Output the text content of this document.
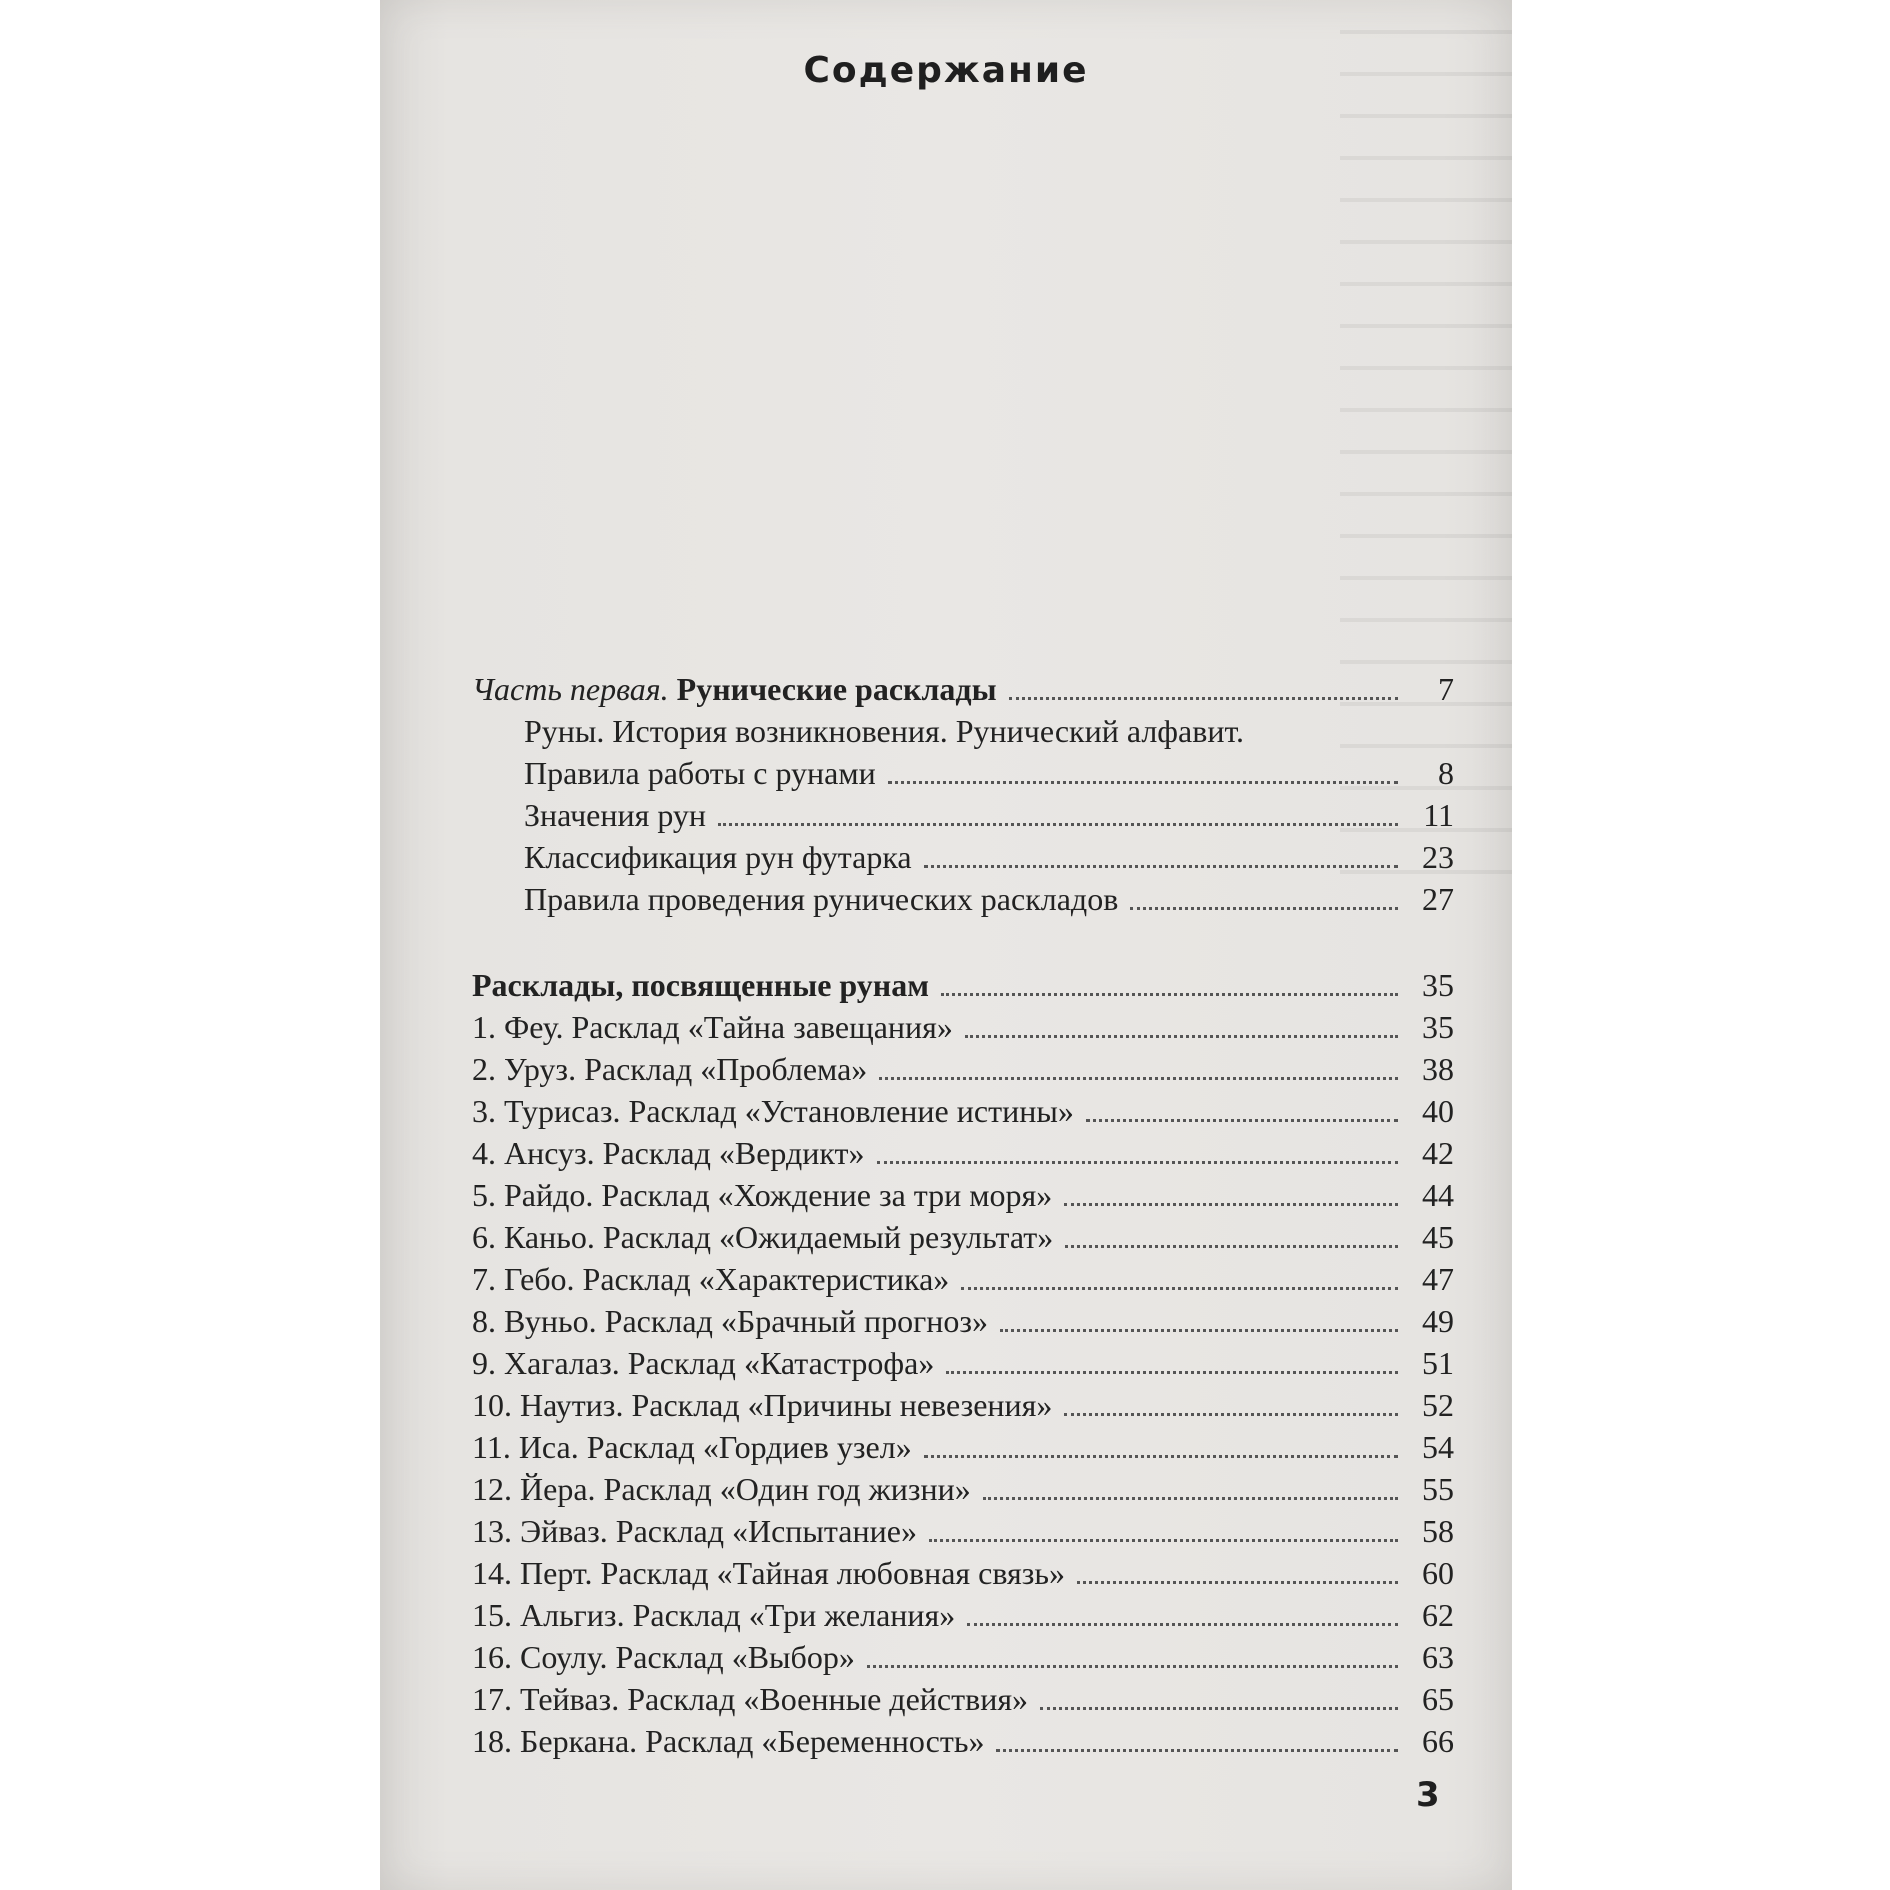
Содержание
Часть первая. Рунические расклады	7
Руны. История возникновения. Рунический алфавит.
Правила работы с рунами	8
Значения рун	11
Классификация рун футарка	23
Правила проведения рунических раскладов	27
Расклады, посвященные рунам	35
1. Феу. Расклад «Тайна завещания»	35
2. Уруз. Расклад «Проблема»	38
3. Турисаз. Расклад «Установление истины»	40
4. Ансуз. Расклад «Вердикт»	42
5. Райдо. Расклад «Хождение за три моря»	44
6. Каньо. Расклад «Ожидаемый результат»	45
7. Гебо. Расклад «Характеристика»	47
8. Вуньо. Расклад «Брачный прогноз»	49
9. Хагалаз. Расклад «Катастрофа»	51
10. Наутиз. Расклад «Причины невезения»	52
11. Иса. Расклад «Гордиев узел»	54
12. Йера. Расклад «Один год жизни»	55
13. Эйваз. Расклад «Испытание»	58
14. Перт. Расклад «Тайная любовная связь»	60
15. Альгиз. Расклад «Три желания»	62
16. Соулу. Расклад «Выбор»	63
17. Тейваз. Расклад «Военные действия»	65
18. Беркана. Расклад «Беременность»	66
3
